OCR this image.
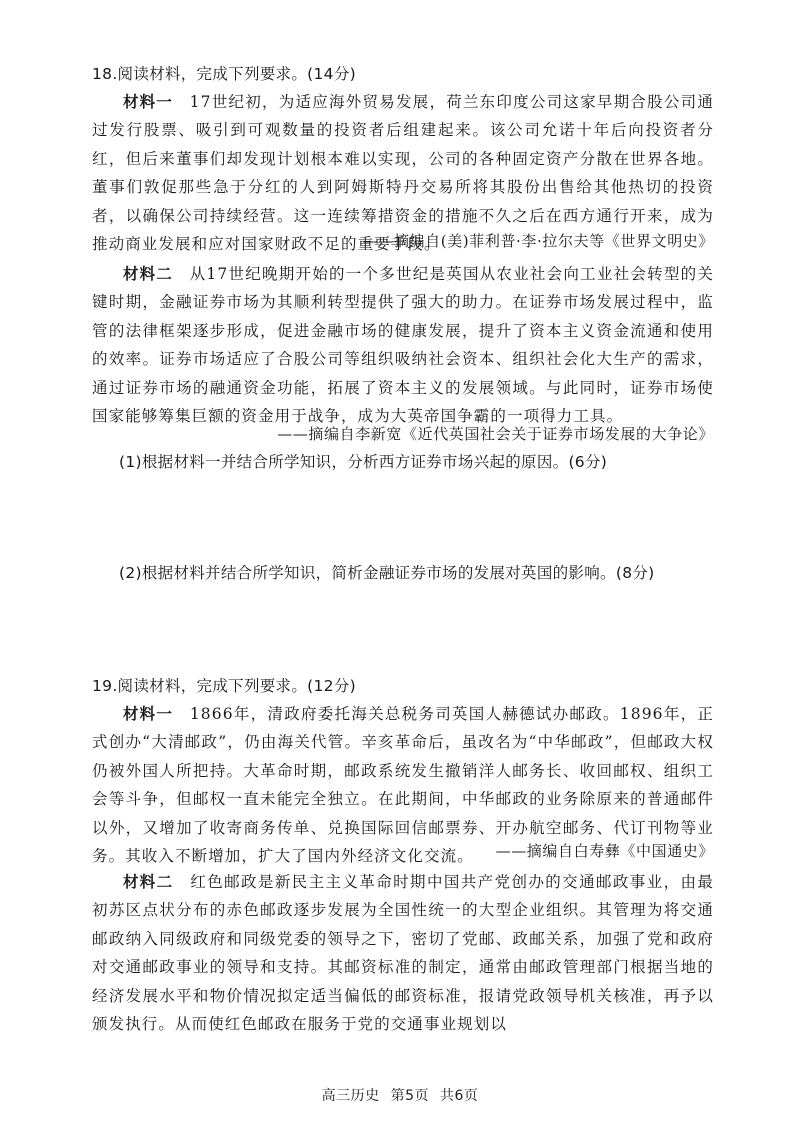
18.阅读材料，完成下列要求。(14分)

材料一　17世纪初，为适应海外贸易发展，荷兰东印度公司这家早期合股公司通过发行股票、吸引到可观数量的投资者后组建起来。该公司允诺十年后向投资者分红，但后来董事们却发现计划根本难以实现，公司的各种固定资产分散在世界各地。董事们敦促那些急于分红的人到阿姆斯特丹交易所将其股份出售给其他热切的投资者，以确保公司持续经营。这一连续筹措资金的措施不久之后在西方通行开来，成为推动商业发展和应对国家财政不足的重要手段。

——摘编自(美)菲利普·李·拉尔夫等《世界文明史》

材料二　从17世纪晚期开始的一个多世纪是英国从农业社会向工业社会转型的关键时期，金融证券市场为其顺利转型提供了强大的助力。在证券市场发展过程中，监管的法律框架逐步形成，促进金融市场的健康发展，提升了资本主义资金流通和使用的效率。证券市场适应了合股公司等组织吸纳社会资本、组织社会化大生产的需求，通过证券市场的融通资金功能，拓展了资本主义的发展领域。与此同时，证券市场使国家能够筹集巨额的资金用于战争，成为大英帝国争霸的一项得力工具。

——摘编自李新宽《近代英国社会关于证券市场发展的大争论》
(1)根据材料一并结合所学知识，分析西方证券市场兴起的原因。(6分)
(2)根据材料并结合所学知识，简析金融证券市场的发展对英国的影响。(8分)
19.阅读材料，完成下列要求。(12分)

材料一　1866年，清政府委托海关总税务司英国人赫德试办邮政。1896年，正式创办“大清邮政”，仍由海关代管。辛亥革命后，虽改名为“中华邮政”，但邮政大权仍被外国人所把持。大革命时期，邮政系统发生撤销洋人邮务长、收回邮权、组织工会等斗争，但邮权一直未能完全独立。在此期间，中华邮政的业务除原来的普通邮件以外，又增加了收寄商务传单、兑换国际回信邮票券、开办航空邮务、代订刊物等业务。其收入不断增加，扩大了国内外经济文化交流。	——摘编自白寿彝《中国通史》

材料二　红色邮政是新民主主义革命时期中国共产党创办的交通邮政事业，由最初苏区点状分布的赤色邮政逐步发展为全国性统一的大型企业组织。其管理为将交通邮政纳入同级政府和同级党委的领导之下，密切了党邮、政邮关系，加强了党和政府对交通邮政事业的领导和支持。其邮资标准的制定，通常由邮政管理部门根据当地的经济发展水平和物价情况拟定适当偏低的邮资标准，报请党政领导机关核准，再予以颁发执行。从而使红色邮政在服务于党的交通事业规划以

高三历史 第5页 共6页
